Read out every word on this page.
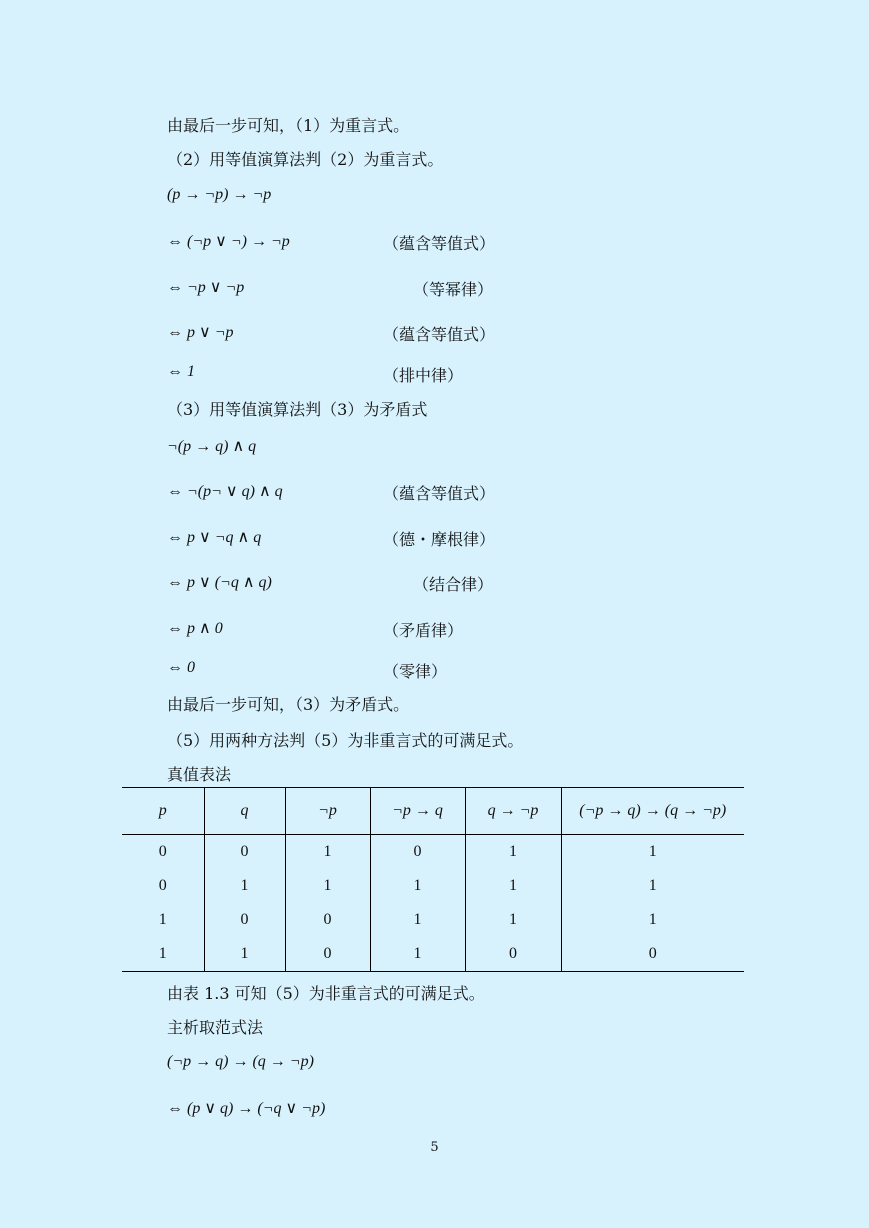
由最后一步可知，（1）为重言式。
（2）用等值演算法判（2）为重言式。
(p → ¬p) → ¬p
⇔ (¬p ∨ ¬) → ¬p	（蕴含等值式）
⇔ ¬p ∨ ¬p	（等幂律）
⇔ p ∨ ¬p	（蕴含等值式）
⇔ 1	（排中律）
（3）用等值演算法判（3）为矛盾式
¬(p → q) ∧ q
⇔ ¬(p¬ ∨ q) ∧ q	（蕴含等值式）
⇔ p ∨ ¬q ∧ q	（德・摩根律）
⇔ p ∨ (¬q ∧ q)	（结合律）
⇔ p ∧ 0	（矛盾律）
⇔ 0	（零律）
由最后一步可知，（3）为矛盾式。
（5）用两种方法判（5）为非重言式的可满足式。
真值表法
p	q	¬p	¬p → q	q → ¬p	(¬p → q) → (q → ¬p)
0	0	1	0	1	1
0	1	1	1	1	1
1	0	0	1	1	1
1	1	0	1	0	0
由表 1.3 可知（5）为非重言式的可满足式。
主析取范式法
(¬p → q) → (q → ¬p)
⇔ (p ∨ q) → (¬q ∨ ¬p)
5
